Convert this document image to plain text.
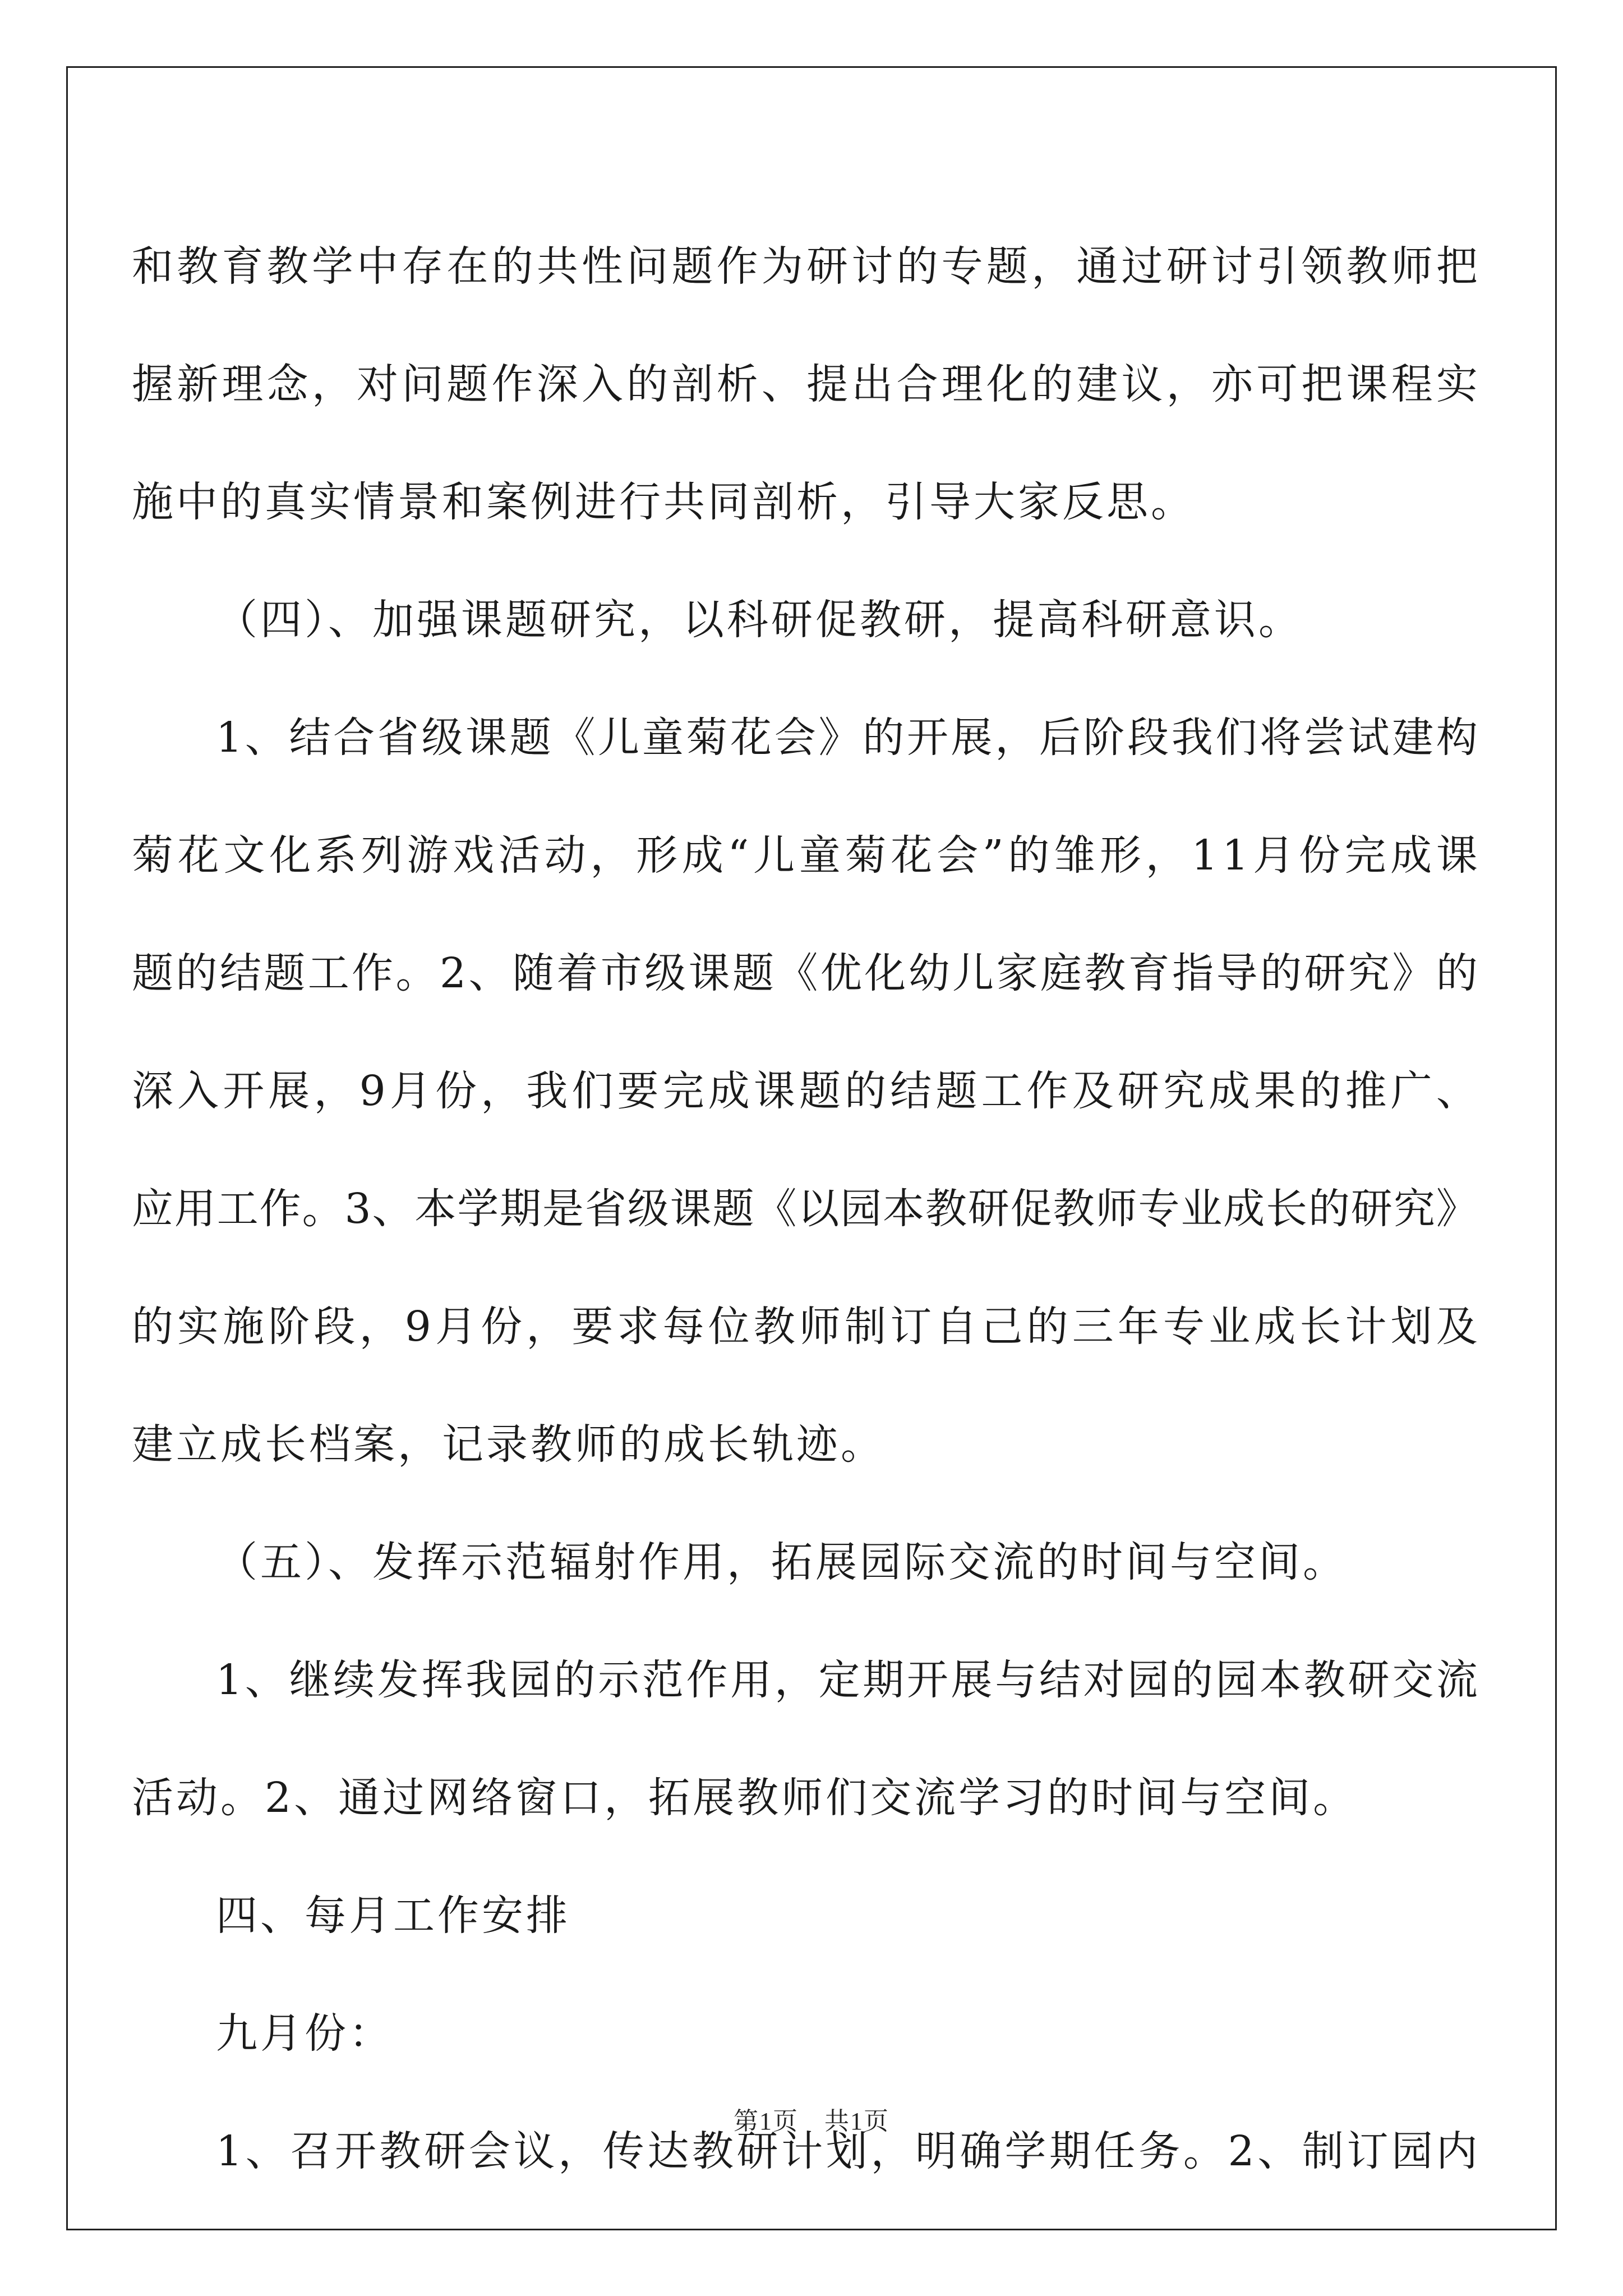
和 教 育 教 学 中 存 在 的 共 性 问 题 作 为 研 讨 的 专 题 ， 通 过 研 讨 引 领 教 师 把
握 新 理 念 ， 对 问 题 作 深 入 的 剖 析 、 提 出 合 理 化 的 建 议 ， 亦 可 把 课 程 实
施中的真实情景和案例进行共同剖析，引导大家反思。
（四）、加强课题研究，以科研促教研，提高科研意识。
1 、 结 合 省 级 课 题 《 儿 童 菊 花 会 》 的 开 展 ， 后 阶 段 我 们 将 尝 试 建 构
菊 花 文 化 系 列 游 戏 活 动 ， 形 成 “ 儿 童 菊 花 会 ” 的 雏 形 ， 1 1 月 份 完 成 课
题 的 结 题 工 作 。 2 、 随 着 市 级 课 题 《 优 化 幼 儿 家 庭 教 育 指 导 的 研 究 》 的
深 入 开 展 ， 9 月 份 ， 我 们 要 完 成 课 题 的 结 题 工 作 及 研 究 成 果 的 推 广 、
应 用 工 作 。 3 、 本 学 期 是 省 级 课 题 《 以 园 本 教 研 促 教 师 专 业 成 长 的 研 究 》
的 实 施 阶 段 ， 9 月 份 ， 要 求 每 位 教 师 制 订 自 己 的 三 年 专 业 成 长 计 划 及
建立成长档案，记录教师的成长轨迹。
（五）、发挥示范辐射作用，拓展园际交流的时间与空间。
1 、 继 续 发 挥 我 园 的 示 范 作 用 ， 定 期 开 展 与 结 对 园 的 园 本 教 研 交 流
活动。2、通过网络窗口，拓展教师们交流学习的时间与空间。
四、每月工作安排
九月份：
1 、 召 开 教 研 会 议 ， 传 达 教 研 计 划 ， 明 确 学 期 任 务 。 2 、 制 订 园 内
第1页　共1页
